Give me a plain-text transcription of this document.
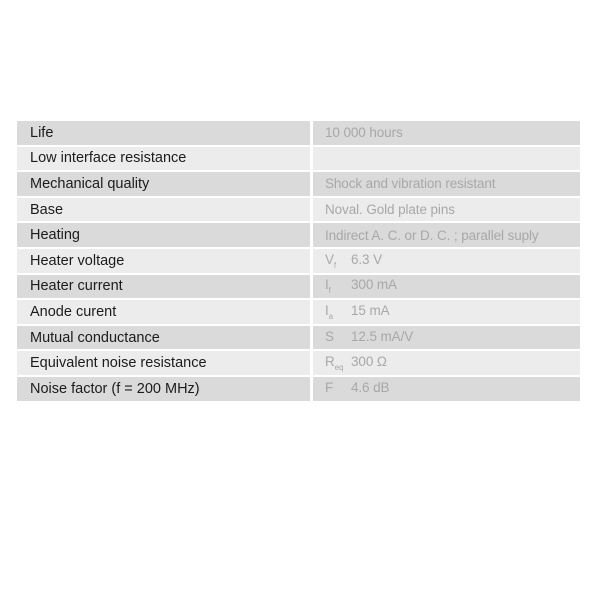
Life	10 000 hours
Low interface resistance	
Mechanical quality	Shock and vibration resistant
Base	Noval. Gold plate pins
Heating	Indirect A. C. or D. C. ; parallel suply
Heater voltage	$V_f$ 6.3 V
Heater current	$I_f$ 300 mA
Anode curent	$I_a$ 15 mA
Mutual conductance	S 12.5 mA/V
Equivalent noise resistance	$R_{eq}$ 300 Ω
Noise factor (f = 200 MHz)	F 4.6 dB
